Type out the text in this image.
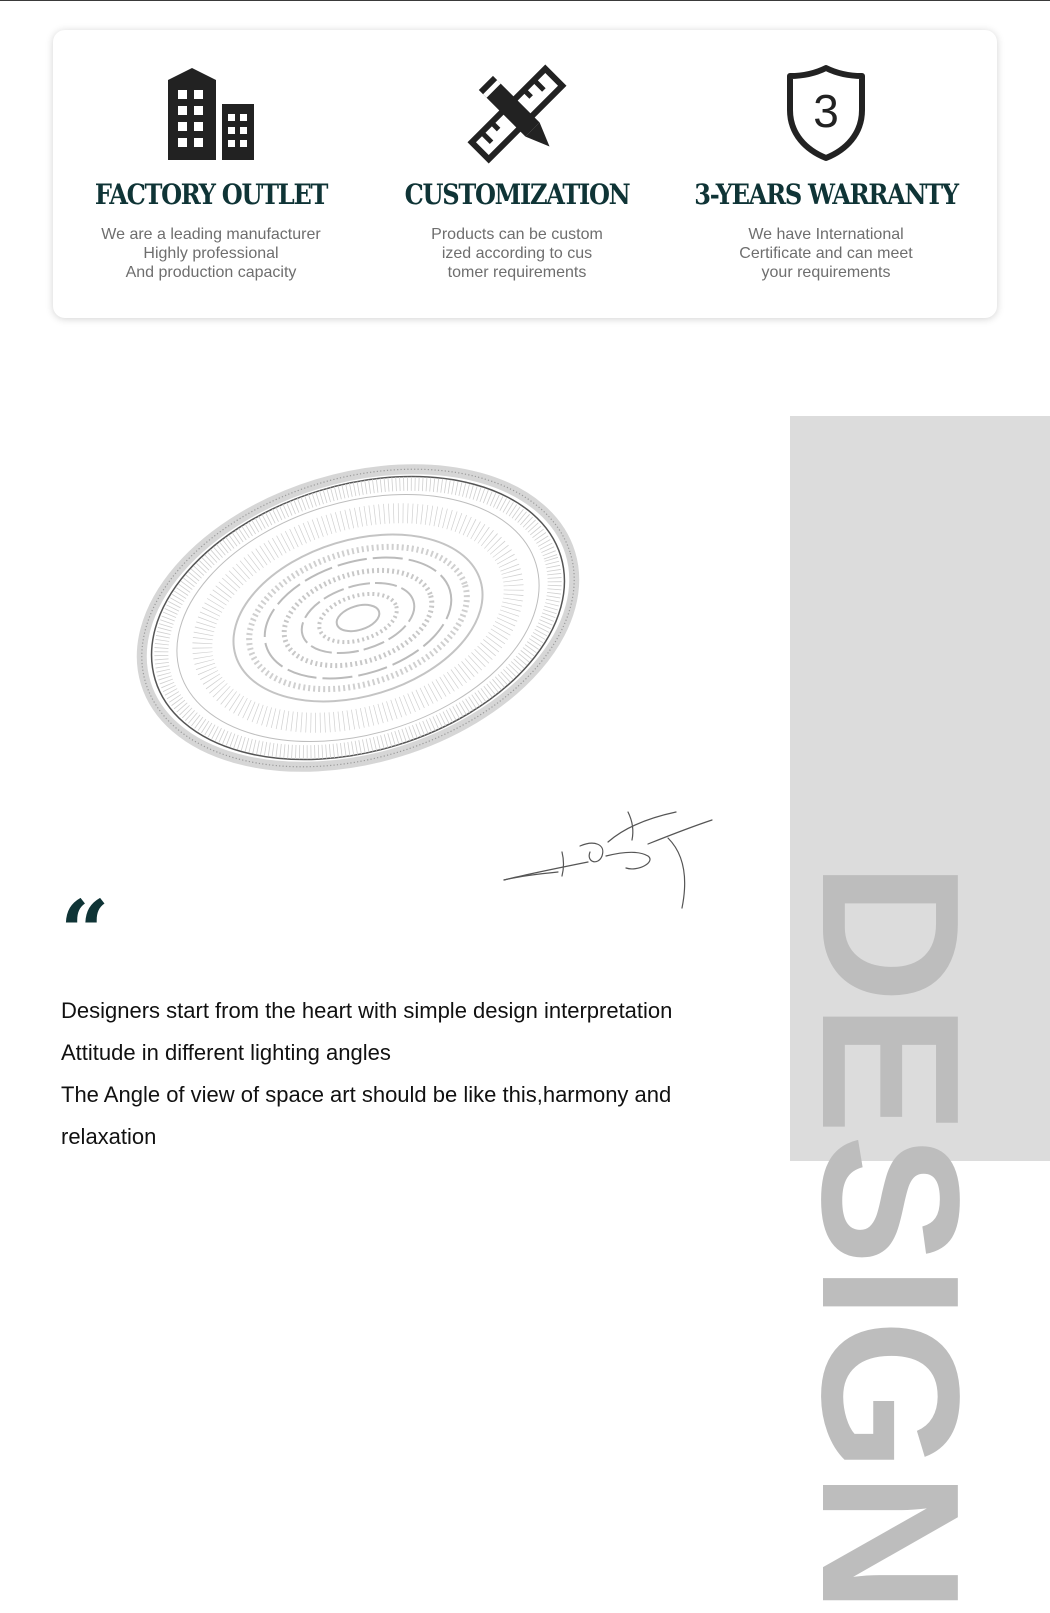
FACTORY OUTLET
We are a leading manufacturer
Highly professional
And production capacity
CUSTOMIZATION
Products can be custom
ized according to cus
tomer requirements
3
3-YEARS WARRANTY
We have International
Certificate and can meet
your requirements
DESIGN
“
Designers start from the heart with simple design interpretation
Attitude in different lighting angles
The Angle of view of space art should be like this,harmony and
relaxation
